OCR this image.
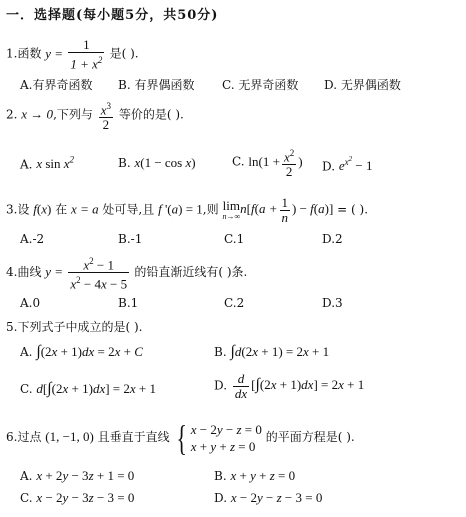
一．选择题(每小题5分，共50分)
1.函数 $y = \frac{1}{1 + x^2}$ 是( ).
A.有界奇函数 B. 有界偶函数 C. 无界奇函数 D. 无界偶函数
2. x → 0,下列与 $\frac{x^3}{2}$ 等价的是( ).
A. x $\sin x^2$	B. x(1 − cos x)	C. $\ln(1 + \frac{x^2}{2}$ ) D. $e^{x^2} - 1$
3.设 f(x) 在 x = a 处可导,且 f '(a) = 1,则 lim
n→∞ $n[f(a + \frac{1}{n}$ ) − f(a)] = ( ).
A.-2	B.-1	C.1	D.2
4.曲线 $y = \frac{x^2 - 1}{x^2 - 4x - 5}$ 的铅直渐近线有( )条.
A.0	B.1	C.2	D.3
5.下列式子中成立的是( ).
A. ∫(2x + 1)dx = 2x + C	B. ∫d(2x + 1) = 2x + 1
C. d[∫(2x + 1)dx] = 2x + 1	D. $\frac{d}{dx} [\int(2x + 1)dx] = 2x + 1$
6.过点 (1, −1, 0) 且垂直于直线 { x − 2y − z = 0
x + y + z = 0 的平面方程是( ).
A. x + 2y − 3z + 1 = 0	B. x + y + z = 0
C. x − 2y − 3z − 3 = 0	D. x − 2y − z − 3 = 0
